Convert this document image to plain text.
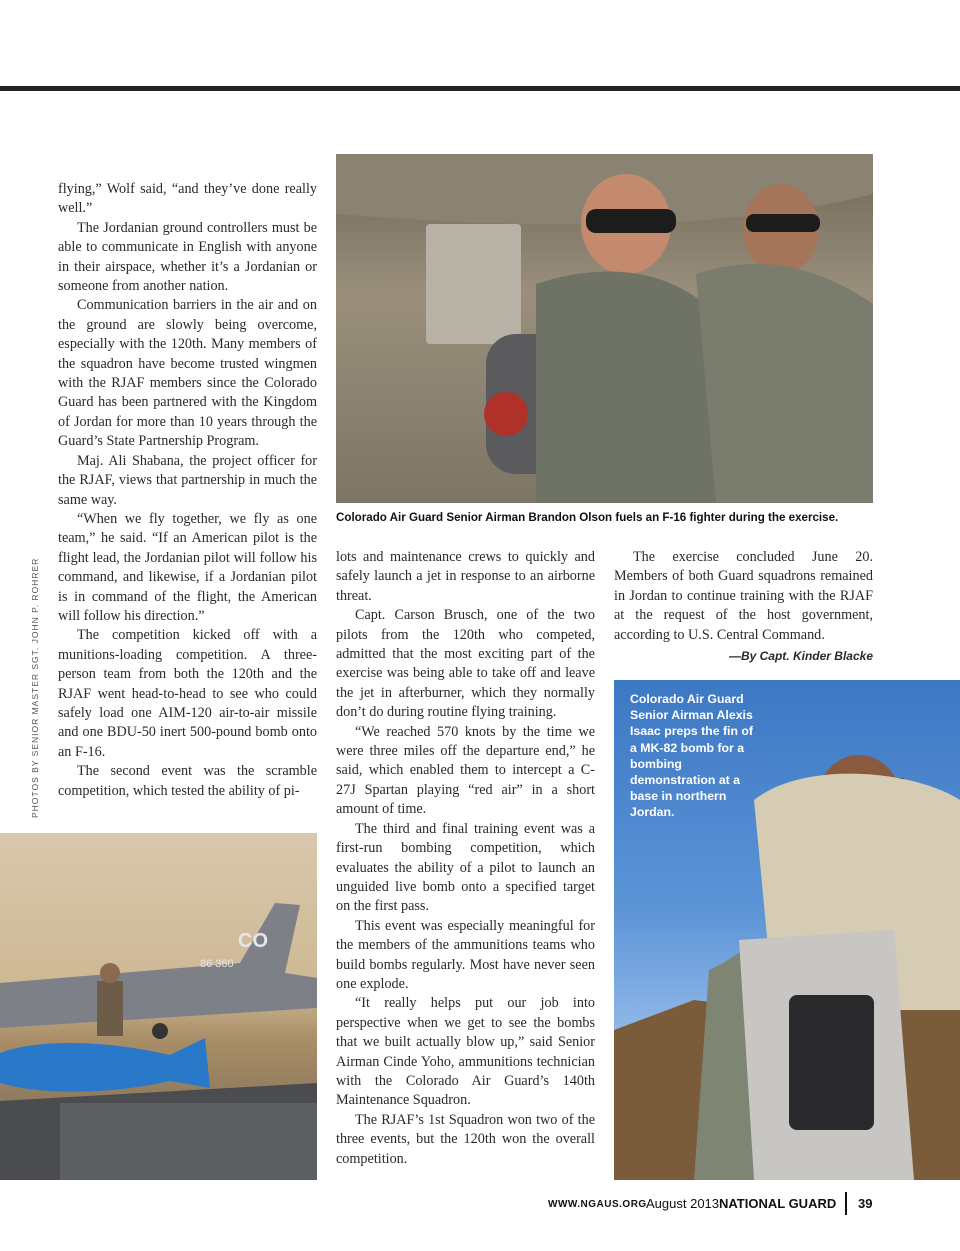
flying,” Wolf said, “and they’ve done really well.”

The Jordanian ground controllers must be able to communicate in English with anyone in their airspace, whether it’s a Jordanian or someone from another nation.

Communication barriers in the air and on the ground are slowly being overcome, especially with the 120th. Many members of the squadron have become trusted wingmen with the RJAF members since the Colorado Guard has been partnered with the Kingdom of Jordan for more than 10 years through the Guard’s State Partnership Program.

Maj. Ali Shabana, the project officer for the RJAF, views that partnership in much the same way.

“When we fly together, we fly as one team,” he said. “If an American pilot is the flight lead, the Jordanian pilot will follow his command, and likewise, if a Jordanian pilot is in command of the flight, the American will follow his direction.”

The competition kicked off with a munitions-loading competition. A three-person team from both the 120th and the RJAF went head-to-head to see who could safely load one AIM-120 air-to-air missile and one BDU-50 inert 500-pound bomb onto an F-16.

The second event was the scramble competition, which tested the ability of pi-

Colorado Air Guard Senior Airman Brandon Olson fuels an F-16 fighter during the exercise.
PHOTOS BY SENIOR MASTER SGT. JOHN P. ROHRER

lots and maintenance crews to quickly and safely launch a jet in response to an airborne threat.

Capt. Carson Brusch, one of the two pilots from the 120th who competed, admitted that the most exciting part of the exercise was being able to take off and leave the jet in afterburner, which they normally don’t do during routine flying training.

“We reached 570 knots by the time we were three miles off the departure end,” he said, which enabled them to intercept a C-27J Spartan playing “red air” in a short amount of time.

The third and final training event was a first-run bombing competition, which evaluates the ability of a pilot to launch an unguided live bomb onto a specified target on the first pass.

This event was especially meaningful for the members of the ammunitions teams who build bombs regularly. Most have never seen one explode.

“It really helps put our job into perspective when we get to see the bombs that we built actually blow up,” said Senior Airman Cinde Yoho, ammunitions technician with the Colorado Air Guard’s 140th Maintenance Squadron.

The RJAF’s 1st Squadron won two of the three events, but the 120th won the overall competition.

The exercise concluded June 20. Members of both Guard squadrons remained in Jordan to continue training with the RJAF at the request of the host government, according to U.S. Central Command.

—By Capt. Kinder Blacke
CO
86 360
Colorado Air Guard Senior Airman Alexis Isaac preps the fin of a MK-82 bomb for a bombing demonstration at a base in northern Jordan.
WWW.NGAUS.ORG August 2013 NATIONAL GUARD 39
